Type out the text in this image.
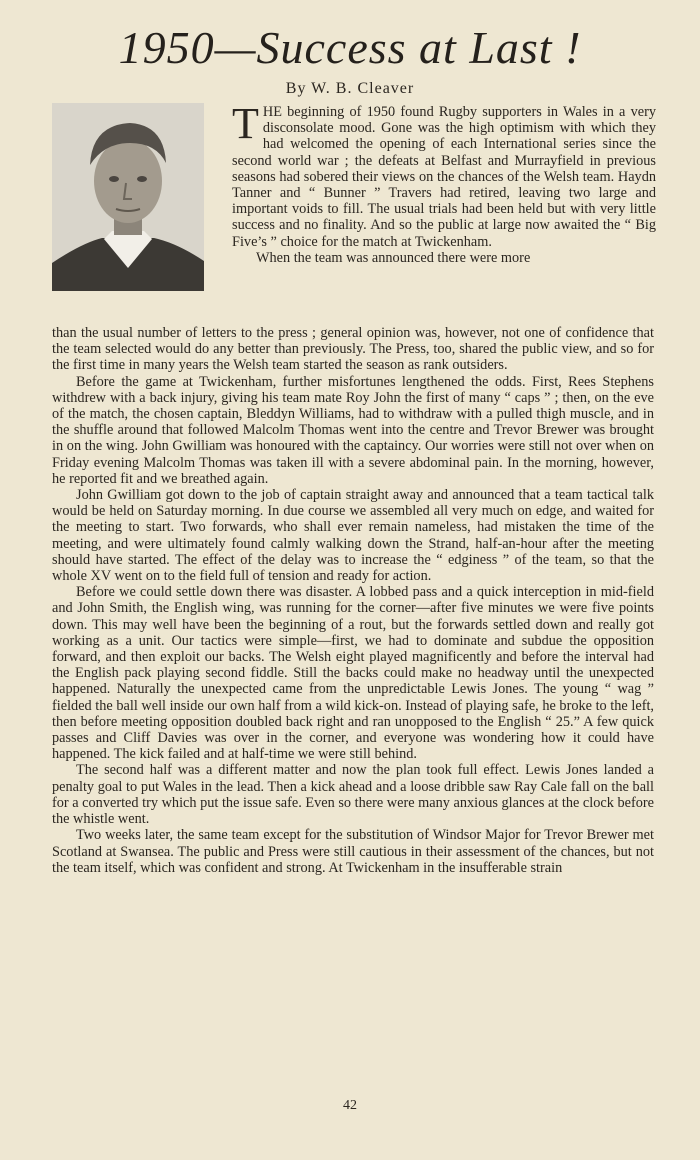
1950—Success at Last !
By W. B. Cleaver
THE beginning of 1950 found Rugby supporters in Wales in a very disconsolate mood. Gone was the high optimism with which they had welcomed the opening of each International series since the second world war ; the defeats at Belfast and Murrayfield in previous seasons had sobered their views on the chances of the Welsh team. Haydn Tanner and “ Bunner ” Travers had retired, leaving two large and important voids to fill. The usual trials had been held but with very little success and no finality. And so the public at large now awaited the “ Big Five’s ” choice for the match at Twickenham.
When the team was announced there were more

than the usual number of letters to the press ; general opinion was, however, not one of confidence that the team selected would do any better than previously. The Press, too, shared the public view, and so for the first time in many years the Welsh team started the season as rank outsiders.

Before the game at Twickenham, further misfortunes lengthened the odds. First, Rees Stephens withdrew with a back injury, giving his team mate Roy John the first of many “ caps ” ; then, on the eve of the match, the chosen captain, Bleddyn Williams, had to withdraw with a pulled thigh muscle, and in the shuffle around that followed Malcolm Thomas went into the centre and Trevor Brewer was brought in on the wing. John Gwilliam was honoured with the captaincy. Our worries were still not over when on Friday evening Malcolm Thomas was taken ill with a severe abdominal pain. In the morning, however, he reported fit and we breathed again.

John Gwilliam got down to the job of captain straight away and announced that a team tactical talk would be held on Saturday morning. In due course we assembled all very much on edge, and waited for the meeting to start. Two forwards, who shall ever remain nameless, had mistaken the time of the meeting, and were ultimately found calmly walking down the Strand, half-an-hour after the meeting should have started. The effect of the delay was to increase the “ edginess ” of the team, so that the whole XV went on to the field full of tension and ready for action.

Before we could settle down there was disaster. A lobbed pass and a quick interception in mid-field and John Smith, the English wing, was running for the corner—after five minutes we were five points down. This may well have been the beginning of a rout, but the forwards settled down and really got working as a unit. Our tactics were simple—first, we had to dominate and subdue the opposition forward, and then exploit our backs. The Welsh eight played magnificently and before the interval had the English pack playing second fiddle. Still the backs could make no headway until the unexpected happened. Naturally the unexpected came from the unpredictable Lewis Jones. The young “ wag ” fielded the ball well inside our own half from a wild kick-on. Instead of playing safe, he broke to the left, then before meeting opposition doubled back right and ran unopposed to the English “ 25.” A few quick passes and Cliff Davies was over in the corner, and everyone was wondering how it could have happened. The kick failed and at half-time we were still behind.

The second half was a different matter and now the plan took full effect. Lewis Jones landed a penalty goal to put Wales in the lead. Then a kick ahead and a loose dribble saw Ray Cale fall on the ball for a converted try which put the issue safe. Even so there were many anxious glances at the clock before the whistle went.

Two weeks later, the same team except for the substitution of Windsor Major for Trevor Brewer met Scotland at Swansea. The public and Press were still cautious in their assessment of the chances, but not the team itself, which was confident and strong. At Twickenham in the insufferable strain

42
